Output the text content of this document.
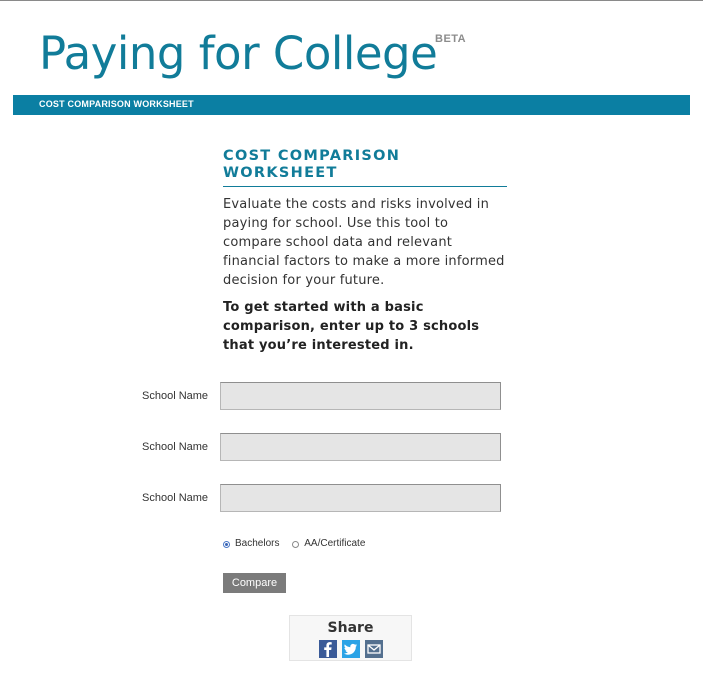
Paying for College
BETA
COST COMPARISON WORKSHEET
COST COMPARISON
WORKSHEET
Evaluate the costs and risks involved in paying for school. Use this tool to compare school data and relevant financial factors to make a more informed decision for your future.
To get started with a basic comparison, enter up to 3 schools that you’re interested in.
School Name
School Name
School Name
Bachelors
AA/Certificate
Compare
Share
